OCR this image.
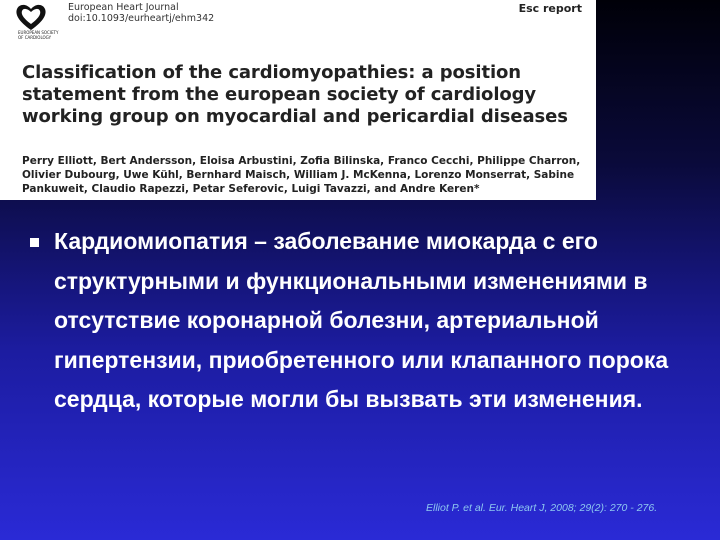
EUROPEAN SOCIETY OF CARDIOLOGY
European Heart Journal
doi:10.1093/eurheartj/ehm342
Esc report
Classification of the cardiomyopathies: a position statement from the european society of cardiology working group on myocardial and pericardial diseases
Perry Elliott, Bert Andersson, Eloisa Arbustini, Zofia Bilinska, Franco Cecchi, Philippe Charron, Olivier Dubourg, Uwe Kühl, Bernhard Maisch, William J. McKenna, Lorenzo Monserrat, Sabine Pankuweit, Claudio Rapezzi, Petar Seferovic, Luigi Tavazzi, and Andre Keren*
Кардиомиопатия – заболевание миокарда с его структурными и функциональными изменениями в отсутствие коронарной болезни, артериальной гипертензии, приобретенного или клапанного порока сердца, которые могли бы вызвать эти изменения.
Elliot P. et al. Eur. Heart J, 2008; 29(2): 270 - 276.
